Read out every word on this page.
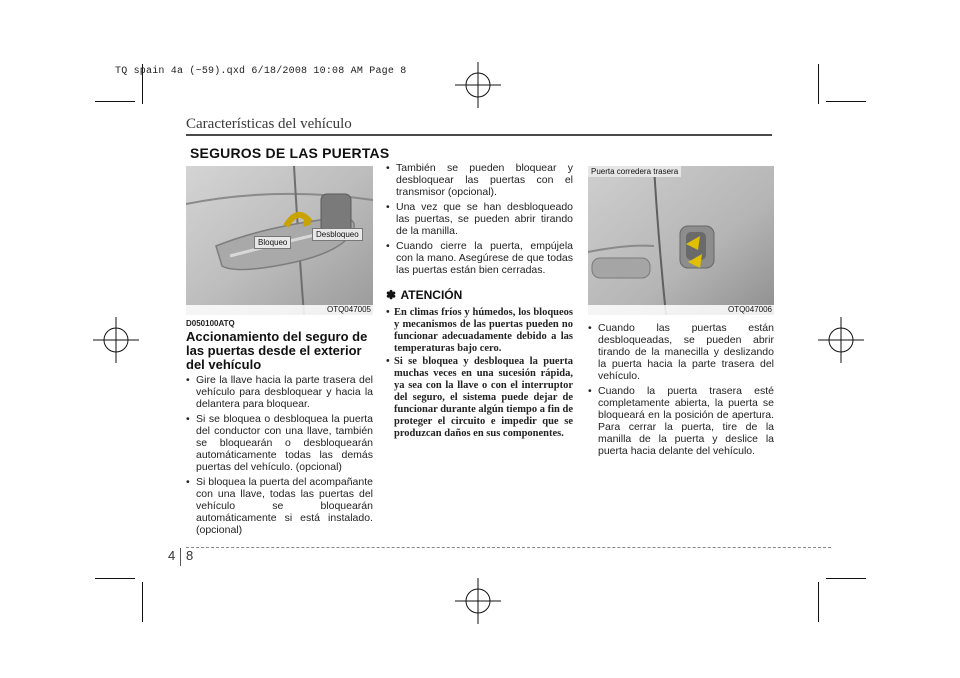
TQ spain 4a (~59).qxd 6/18/2008 10:08 AM Page 8
Características del vehículo
SEGUROS DE LAS PUERTAS
Bloqueo
Desbloqueo
OTQ047005
Puerta corredera trasera
OTQ047006
D050100ATQ
Accionamiento del seguro de las puertas desde el exterior del vehículo
• Gire la llave hacia la parte trasera del vehículo para desbloquear y hacia la delantera para bloquear.
• Si se bloquea o desbloquea la puerta del conductor con una llave, también se bloquearán o desbloquearán automáticamente todas las demás puertas del vehículo. (opcional)
• Si bloquea la puerta del acompañante con una llave, todas las puertas del vehículo se bloquearán automáticamente si está instalado. (opcional)
• También se pueden bloquear y desbloquear las puertas con el transmisor (opcional).
• Una vez que se han desbloqueado las puertas, se pueden abrir tirando de la manilla.
• Cuando cierre la puerta, empújela con la mano. Asegúrese de que todas las puertas están bien cerradas.
✽ ATENCIÓN
• En climas fríos y húmedos, los bloqueos y mecanismos de las puertas pueden no funcionar adecuadamente debido a las temperaturas bajo cero.
• Si se bloquea y desbloquea la puerta muchas veces en una sucesión rápida, ya sea con la llave o con el interruptor del seguro, el sistema puede dejar de funcionar durante algún tiempo a fin de proteger el circuito e impedir que se produzcan daños en sus componentes.
• Cuando las puertas están desbloqueadas, se pueden abrir tirando de la manecilla y deslizando la puerta hacia la parte trasera del vehículo.
• Cuando la puerta trasera esté completamente abierta, la puerta se bloqueará en la posición de apertura. Para cerrar la puerta, tire de la manilla de la puerta y deslice la puerta hacia delante del vehículo.
4 8
